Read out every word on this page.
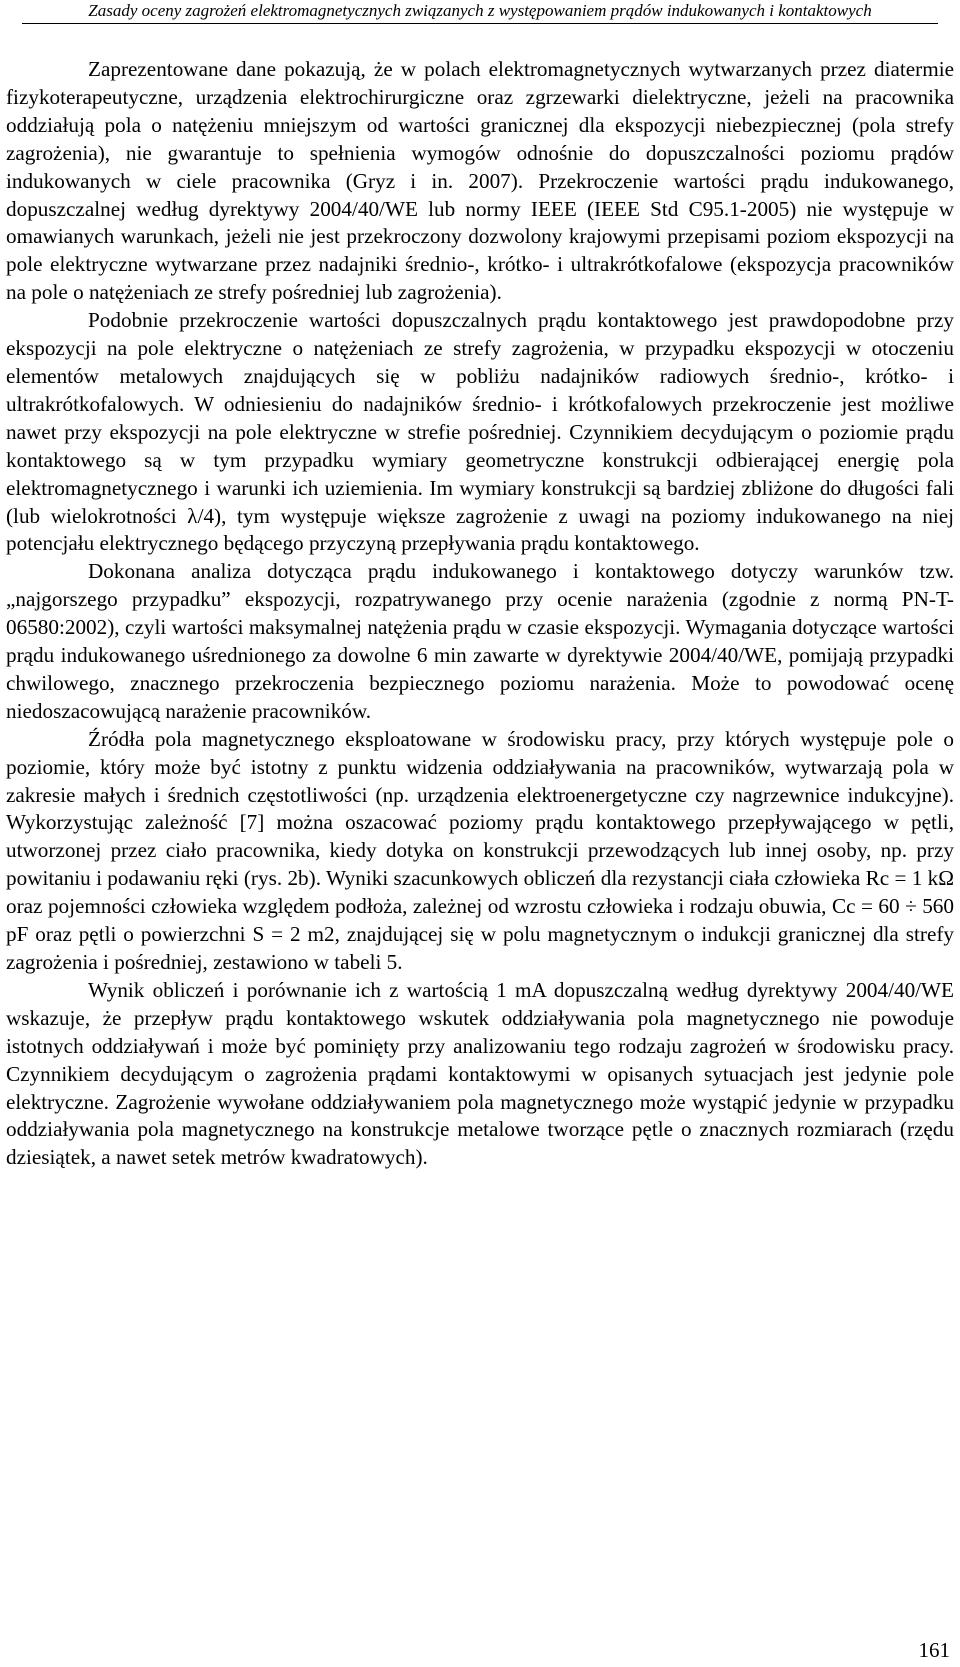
Zasady oceny zagrożeń elektromagnetycznych związanych z występowaniem prądów indukowanych i kontaktowych

Zaprezentowane dane pokazują, że w polach elektromagnetycznych wytwarzanych przez diatermie fizykoterapeutyczne, urządzenia elektrochirurgiczne oraz zgrzewarki dielektryczne, jeżeli na pracownika oddziałują pola o natężeniu mniejszym od wartości granicznej dla ekspozycji niebezpiecznej (pola strefy zagrożenia), nie gwarantuje to spełnienia wymogów odnośnie do dopuszczalności poziomu prądów indukowanych w ciele pracownika (Gryz i in. 2007). Przekroczenie wartości prądu indukowanego, dopuszczalnej według dyrektywy 2004/40/WE lub normy IEEE (IEEE Std C95.1-2005) nie występuje w omawianych warunkach, jeżeli nie jest przekroczony dozwolony krajowymi przepisami poziom ekspozycji na pole elektryczne wytwarzane przez nadajniki średnio-, krótko- i ultrakrótkofalowe (ekspozycja pracowników na pole o natężeniach ze strefy pośredniej lub zagrożenia).

Podobnie przekroczenie wartości dopuszczalnych prądu kontaktowego jest prawdopodobne przy ekspozycji na pole elektryczne o natężeniach ze strefy zagrożenia, w przypadku ekspozycji w otoczeniu elementów metalowych znajdujących się w pobliżu nadajników radiowych średnio-, krótko- i ultrakrótkofalowych. W odniesieniu do nadajników średnio- i krótkofalowych przekroczenie jest możliwe nawet przy ekspozycji na pole elektryczne w strefie pośredniej. Czynnikiem decydującym o poziomie prądu kontaktowego są w tym przypadku wymiary geometryczne konstrukcji odbierającej energię pola elektromagnetycznego i warunki ich uziemienia. Im wymiary konstrukcji są bardziej zbliżone do długości fali (lub wielokrotności λ/4), tym występuje większe zagrożenie z uwagi na poziomy indukowanego na niej potencjału elektrycznego będącego przyczyną przepływania prądu kontaktowego.

Dokonana analiza dotycząca prądu indukowanego i kontaktowego dotyczy warunków tzw. „najgorszego przypadku” ekspozycji, rozpatrywanego przy ocenie narażenia (zgodnie z normą PN-T-06580:2002), czyli wartości maksymalnej natężenia prądu w czasie ekspozycji. Wymagania dotyczące wartości prądu indukowanego uśrednionego za dowolne 6 min zawarte w dyrektywie 2004/40/WE, pomijają przypadki chwilowego, znacznego przekroczenia bezpiecznego poziomu narażenia. Może to powodować ocenę niedoszacowującą narażenie pracowników.

Źródła pola magnetycznego eksploatowane w środowisku pracy, przy których występuje pole o poziomie, który może być istotny z punktu widzenia oddziaływania na pracowników, wytwarzają pola w zakresie małych i średnich częstotliwości (np. urządzenia elektroenergetyczne czy nagrzewnice indukcyjne). Wykorzystując zależność [7] można oszacować poziomy prądu kontaktowego przepływającego w pętli, utworzonej przez ciało pracownika, kiedy dotyka on konstrukcji przewodzących lub innej osoby, np. przy powitaniu i podawaniu ręki (rys. 2b). Wyniki szacunkowych obliczeń dla rezystancji ciała człowieka Rc = 1 kΩ oraz pojemności człowieka względem podłoża, zależnej od wzrostu człowieka i rodzaju obuwia, Cc = 60 ÷ 560 pF oraz pętli o powierzchni S = 2 m2, znajdującej się w polu magnetycznym o indukcji granicznej dla strefy zagrożenia i pośredniej, zestawiono w tabeli 5.

Wynik obliczeń i porównanie ich z wartością 1 mA dopuszczalną według dyrektywy 2004/40/WE wskazuje, że przepływ prądu kontaktowego wskutek oddziaływania pola magnetycznego nie powoduje istotnych oddziaływań i może być pominięty przy analizowaniu tego rodzaju zagrożeń w środowisku pracy. Czynnikiem decydującym o zagrożenia prądami kontaktowymi w opisanych sytuacjach jest jedynie pole elektryczne. Zagrożenie wywołane oddziaływaniem pola magnetycznego może wystąpić jedynie w przypadku oddziaływania pola magnetycznego na konstrukcje metalowe tworzące pętle o znacznych rozmiarach (rzędu dziesiątek, a nawet setek metrów kwadratowych).

161
